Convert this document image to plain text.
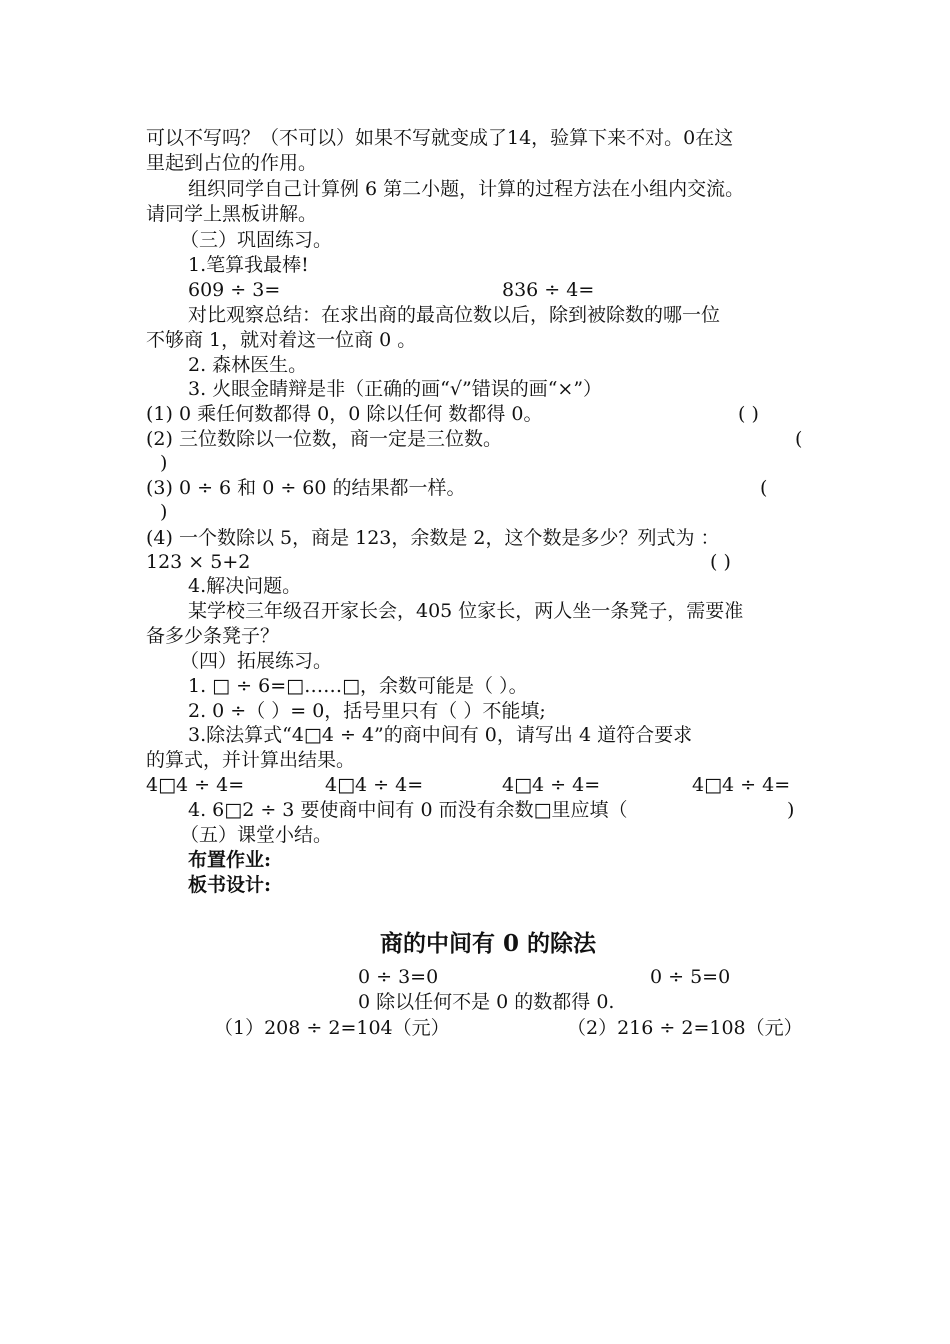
可以不写吗？（不可以）如果不写就变成了14，验算下来不对。0在这
里起到占位的作用。
组织同学自己计算例 6 第二小题，计算的过程方法在小组内交流。
请同学上黑板讲解。
（三）巩固练习。
1.笔算我最棒!
609 ÷ 3=	836 ÷ 4=
对比观察总结：在求出商的最高位数以后，除到被除数的哪一位
不够商 1，就对着这一位商 0 。
2. 森林医生。
3. 火眼金睛辩是非（正确的画“√”错误的画“×”）
(1) 0 乘任何数都得 0，0 除以任何 数都得 0。	( )
(2) 三位数除以一位数，商一定是三位数。	(
)
(3) 0 ÷ 6 和 0 ÷ 60 的结果都一样。	(
)
(4) 一个数除以 5，商是 123，余数是 2，这个数是多少？列式为 ：
123 × 5+2	( )
4.解决问题。
某学校三年级召开家长会，405 位家长，两人坐一条凳子，需要准
备多少条凳子？
（四）拓展练习。
1. □ ÷ 6=□……□，余数可能是（ ）。
2. 0 ÷（ ）= 0，括号里只有（ ）不能填;
3.除法算式“4□4 ÷ 4”的商中间有 0，请写出 4 道符合要求
的算式，并计算出结果。
4□4 ÷ 4=	4□4 ÷ 4=	4□4 ÷ 4=	4□4 ÷ 4=
4. 6□2 ÷ 3 要使商中间有 0 而没有余数□里应填（	)
（五）课堂小结。
布置作业:
板书设计:
商的中间有 0 的除法
0 ÷ 3=0	0 ÷ 5=0
0 除以任何不是 0 的数都得 0.
（1）208 ÷ 2=104（元）	（2）216 ÷ 2=108（元）
